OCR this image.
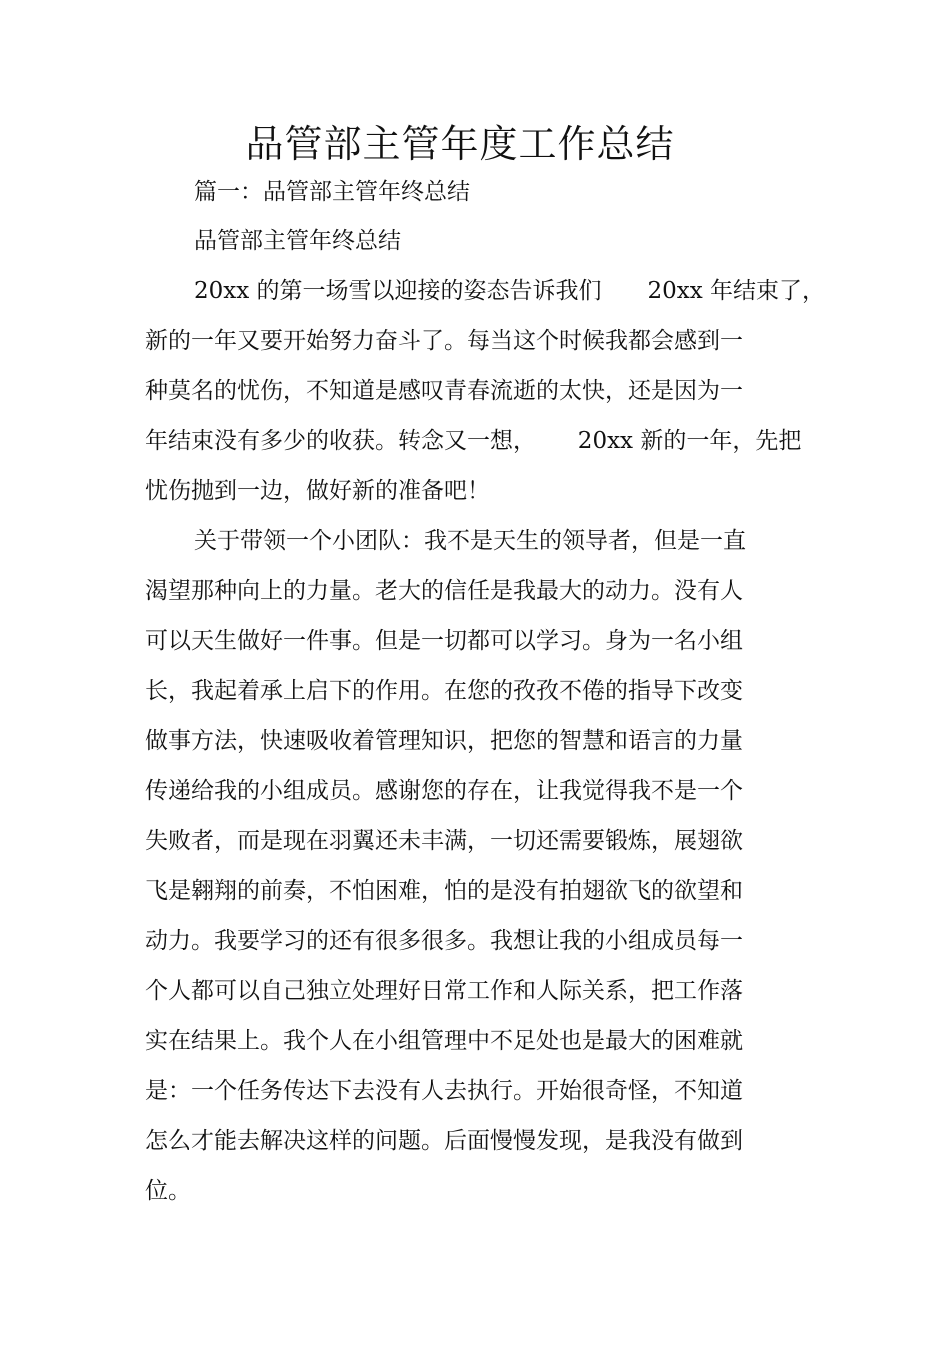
品管部主管年度工作总结
篇一：品管部主管年终总结
品管部主管年终总结
20xx 的第一场雪以迎接的姿态告诉我们　　20xx 年结束了，
新的一年又要开始努力奋斗了。每当这个时候我都会感到一
种莫名的忧伤，不知道是感叹青春流逝的太快，还是因为一
年结束没有多少的收获。转念又一想，　　 20xx 新的一年，先把
忧伤抛到一边，做好新的准备吧！
关于带领一个小团队：我不是天生的领导者，但是一直
渴望那种向上的力量。老大的信任是我最大的动力。没有人
可以天生做好一件事。但是一切都可以学习。身为一名小组
长，我起着承上启下的作用。在您的孜孜不倦的指导下改变
做事方法，快速吸收着管理知识，把您的智慧和语言的力量
传递给我的小组成员。感谢您的存在，让我觉得我不是一个
失败者，而是现在羽翼还未丰满，一切还需要锻炼，展翅欲
飞是翱翔的前奏，不怕困难，怕的是没有拍翅欲飞的欲望和
动力。我要学习的还有很多很多。我想让我的小组成员每一
个人都可以自己独立处理好日常工作和人际关系，把工作落
实在结果上。我个人在小组管理中不足处也是最大的困难就
是：一个任务传达下去没有人去执行。开始很奇怪，不知道
怎么才能去解决这样的问题。后面慢慢发现，是我没有做到
位。
